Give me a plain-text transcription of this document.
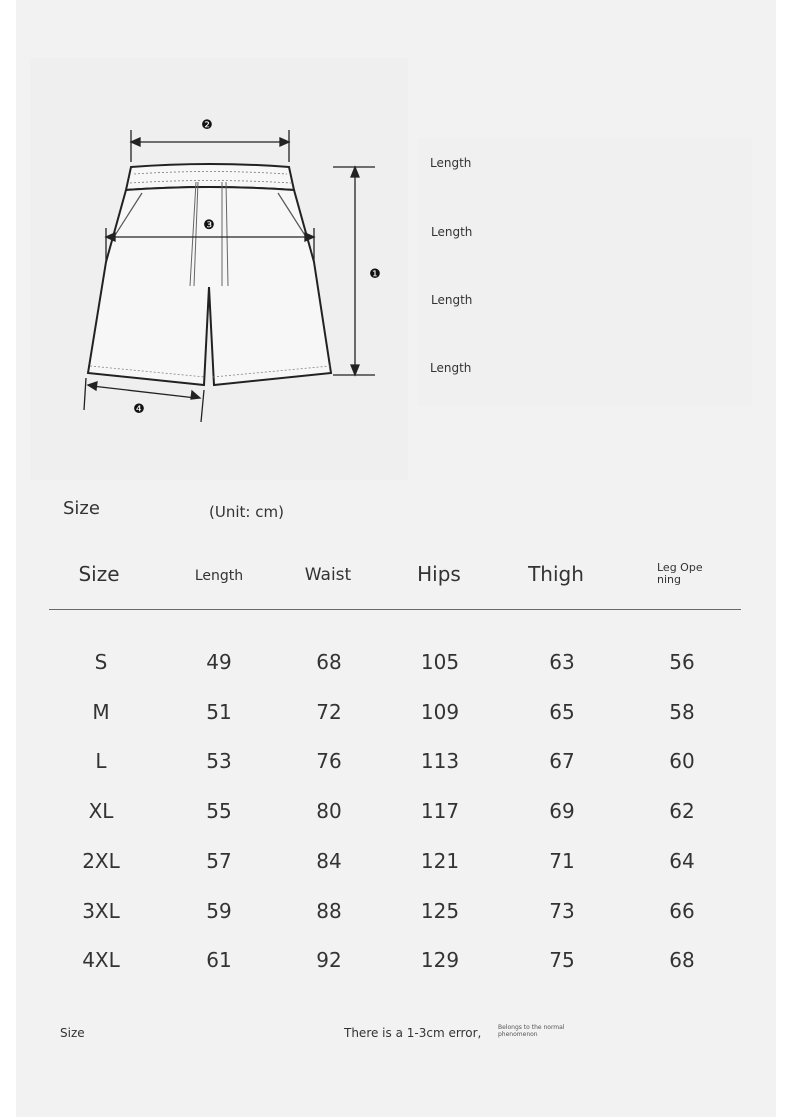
❷
❸
❶
❹
Length
Length
Length
Length
Size	(Unit: cm)
Size	Length	Waist	Hips	Thigh	Leg Ope ning
S	49	68	105	63	56
M	51	72	109	65	58
L	53	76	113	67	60
XL	55	80	117	69	62
2XL	57	84	121	71	64
3XL	59	88	125	73	66
4XL	61	92	129	75	68
Size	There is a 1-3cm error,	Belongs to the normal phenomenon
